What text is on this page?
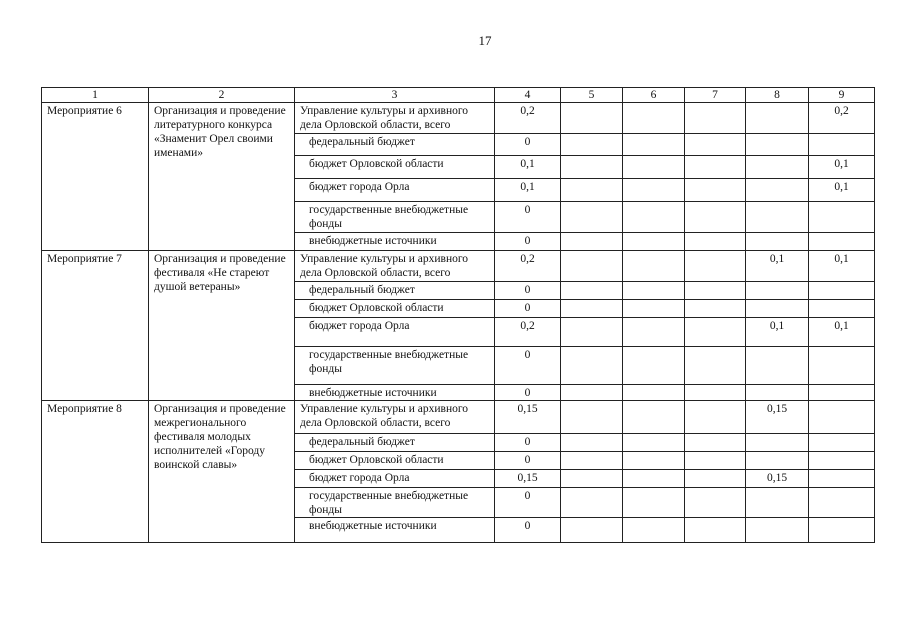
17
1	2	3	4	5	6	7	8	9
Мероприятие 6	Организация и проведение литературного конкурса «Знаменит Орел своими именами»	Управление культуры и архивного дела Орловской области, всего	0,2					0,2
		федеральный бюджет	0					
		бюджет Орловской области	0,1					0,1
		бюджет города Орла	0,1					0,1
		государственные внебюджетные фонды	0					
		внебюджетные источники	0					
Мероприятие 7	Организация и проведение фестиваля «Не стареют душой ветераны»	Управление культуры и архивного дела Орловской области, всего	0,2				0,1	0,1
		федеральный бюджет	0					
		бюджет Орловской области	0					
		бюджет города Орла	0,2				0,1	0,1
		государственные внебюджетные фонды	0					
		внебюджетные источники	0					
Мероприятие 8	Организация и проведение межрегионального фестиваля молодых исполнителей «Городу воинской славы»	Управление культуры и архивного дела Орловской области, всего	0,15				0,15	
		федеральный бюджет	0					
		бюджет Орловской области	0					
		бюджет города Орла	0,15				0,15	
		государственные внебюджетные фонды	0					
		внебюджетные источники	0					
